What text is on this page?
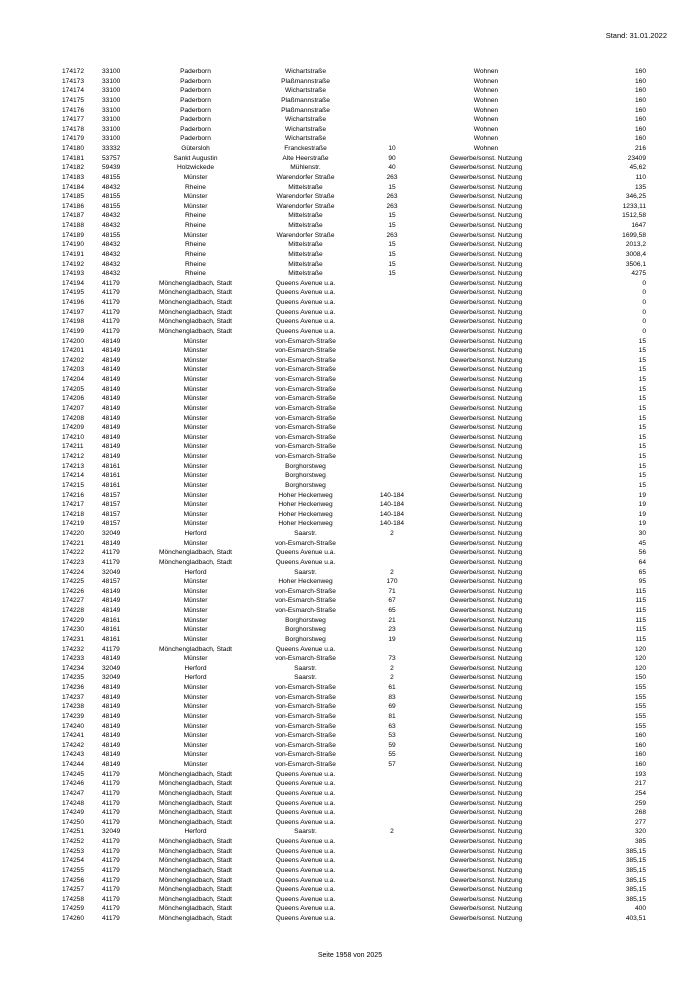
Stand: 31.01.2022
174172	33100	Paderborn	Wichartstraße		Wohnen	160
174173	33100	Paderborn	Plaßmannstraße		Wohnen	160
174174	33100	Paderborn	Wichartstraße		Wohnen	160
174175	33100	Paderborn	Plaßmannstraße		Wohnen	160
174176	33100	Paderborn	Plaßmannstraße		Wohnen	160
174177	33100	Paderborn	Wichartstraße		Wohnen	160
174178	33100	Paderborn	Wichartstraße		Wohnen	160
174179	33100	Paderborn	Wichartstraße		Wohnen	160
174180	33332	Gütersloh	Franckestraße	10	Wohnen	216
174181	53757	Sankt Augustin	Alte Heerstraße	90	Gewerbe/sonst. Nutzung	23409
174182	59439	Holzwickede	Mühlenstr.	40	Gewerbe/sonst. Nutzung	45,62
174183	48155	Münster	Warendorfer Straße	263	Gewerbe/sonst. Nutzung	110
174184	48432	Rheine	Mittelstraße	15	Gewerbe/sonst. Nutzung	135
174185	48155	Münster	Warendorfer Straße	263	Gewerbe/sonst. Nutzung	346,25
174186	48155	Münster	Warendorfer Straße	263	Gewerbe/sonst. Nutzung	1233,11
174187	48432	Rheine	Mittelstraße	15	Gewerbe/sonst. Nutzung	1512,58
174188	48432	Rheine	Mittelstraße	15	Gewerbe/sonst. Nutzung	1647
174189	48155	Münster	Warendorfer Straße	263	Gewerbe/sonst. Nutzung	1699,58
174190	48432	Rheine	Mittelstraße	15	Gewerbe/sonst. Nutzung	2013,2
174191	48432	Rheine	Mittelstraße	15	Gewerbe/sonst. Nutzung	3008,4
174192	48432	Rheine	Mittelstraße	15	Gewerbe/sonst. Nutzung	3506,1
174193	48432	Rheine	Mittelstraße	15	Gewerbe/sonst. Nutzung	4275
174194	41179	Mönchengladbach, Stadt	Queens Avenue u.a.		Gewerbe/sonst. Nutzung	0
174195	41179	Mönchengladbach, Stadt	Queens Avenue u.a.		Gewerbe/sonst. Nutzung	0
174196	41179	Mönchengladbach, Stadt	Queens Avenue u.a.		Gewerbe/sonst. Nutzung	0
174197	41179	Mönchengladbach, Stadt	Queens Avenue u.a.		Gewerbe/sonst. Nutzung	0
174198	41179	Mönchengladbach, Stadt	Queens Avenue u.a.		Gewerbe/sonst. Nutzung	0
174199	41179	Mönchengladbach, Stadt	Queens Avenue u.a.		Gewerbe/sonst. Nutzung	0
174200	48149	Münster	von-Esmarch-Straße		Gewerbe/sonst. Nutzung	15
174201	48149	Münster	von-Esmarch-Straße		Gewerbe/sonst. Nutzung	15
174202	48149	Münster	von-Esmarch-Straße		Gewerbe/sonst. Nutzung	15
174203	48149	Münster	von-Esmarch-Straße		Gewerbe/sonst. Nutzung	15
174204	48149	Münster	von-Esmarch-Straße		Gewerbe/sonst. Nutzung	15
174205	48149	Münster	von-Esmarch-Straße		Gewerbe/sonst. Nutzung	15
174206	48149	Münster	von-Esmarch-Straße		Gewerbe/sonst. Nutzung	15
174207	48149	Münster	von-Esmarch-Straße		Gewerbe/sonst. Nutzung	15
174208	48149	Münster	von-Esmarch-Straße		Gewerbe/sonst. Nutzung	15
174209	48149	Münster	von-Esmarch-Straße		Gewerbe/sonst. Nutzung	15
174210	48149	Münster	von-Esmarch-Straße		Gewerbe/sonst. Nutzung	15
174211	48149	Münster	von-Esmarch-Straße		Gewerbe/sonst. Nutzung	15
174212	48149	Münster	von-Esmarch-Straße		Gewerbe/sonst. Nutzung	15
174213	48161	Münster	Borghorstweg		Gewerbe/sonst. Nutzung	15
174214	48161	Münster	Borghorstweg		Gewerbe/sonst. Nutzung	15
174215	48161	Münster	Borghorstweg		Gewerbe/sonst. Nutzung	15
174216	48157	Münster	Hoher Heckenweg	140-184	Gewerbe/sonst. Nutzung	19
174217	48157	Münster	Hoher Heckenweg	140-184	Gewerbe/sonst. Nutzung	19
174218	48157	Münster	Hoher Heckenweg	140-184	Gewerbe/sonst. Nutzung	19
174219	48157	Münster	Hoher Heckenweg	140-184	Gewerbe/sonst. Nutzung	19
174220	32049	Herford	Saarstr.	2	Gewerbe/sonst. Nutzung	30
174221	48149	Münster	von-Esmarch-Straße		Gewerbe/sonst. Nutzung	45
174222	41179	Mönchengladbach, Stadt	Queens Avenue u.a.		Gewerbe/sonst. Nutzung	56
174223	41179	Mönchengladbach, Stadt	Queens Avenue u.a.		Gewerbe/sonst. Nutzung	64
174224	32049	Herford	Saarstr.	2	Gewerbe/sonst. Nutzung	65
174225	48157	Münster	Hoher Heckenweg	170	Gewerbe/sonst. Nutzung	95
174226	48149	Münster	von-Esmarch-Straße	71	Gewerbe/sonst. Nutzung	115
174227	48149	Münster	von-Esmarch-Straße	67	Gewerbe/sonst. Nutzung	115
174228	48149	Münster	von-Esmarch-Straße	65	Gewerbe/sonst. Nutzung	115
174229	48161	Münster	Borghorstweg	21	Gewerbe/sonst. Nutzung	115
174230	48161	Münster	Borghorstweg	23	Gewerbe/sonst. Nutzung	115
174231	48161	Münster	Borghorstweg	19	Gewerbe/sonst. Nutzung	115
174232	41179	Mönchengladbach, Stadt	Queens Avenue u.a.		Gewerbe/sonst. Nutzung	120
174233	48149	Münster	von-Esmarch-Straße	73	Gewerbe/sonst. Nutzung	120
174234	32049	Herford	Saarstr.	2	Gewerbe/sonst. Nutzung	120
174235	32049	Herford	Saarstr.	2	Gewerbe/sonst. Nutzung	150
174236	48149	Münster	von-Esmarch-Straße	61	Gewerbe/sonst. Nutzung	155
174237	48149	Münster	von-Esmarch-Straße	83	Gewerbe/sonst. Nutzung	155
174238	48149	Münster	von-Esmarch-Straße	69	Gewerbe/sonst. Nutzung	155
174239	48149	Münster	von-Esmarch-Straße	81	Gewerbe/sonst. Nutzung	155
174240	48149	Münster	von-Esmarch-Straße	63	Gewerbe/sonst. Nutzung	155
174241	48149	Münster	von-Esmarch-Straße	53	Gewerbe/sonst. Nutzung	160
174242	48149	Münster	von-Esmarch-Straße	59	Gewerbe/sonst. Nutzung	160
174243	48149	Münster	von-Esmarch-Straße	55	Gewerbe/sonst. Nutzung	160
174244	48149	Münster	von-Esmarch-Straße	57	Gewerbe/sonst. Nutzung	160
174245	41179	Mönchengladbach, Stadt	Queens Avenue u.a.		Gewerbe/sonst. Nutzung	193
174246	41179	Mönchengladbach, Stadt	Queens Avenue u.a.		Gewerbe/sonst. Nutzung	217
174247	41179	Mönchengladbach, Stadt	Queens Avenue u.a.		Gewerbe/sonst. Nutzung	254
174248	41179	Mönchengladbach, Stadt	Queens Avenue u.a.		Gewerbe/sonst. Nutzung	259
174249	41179	Mönchengladbach, Stadt	Queens Avenue u.a.		Gewerbe/sonst. Nutzung	268
174250	41179	Mönchengladbach, Stadt	Queens Avenue u.a.		Gewerbe/sonst. Nutzung	277
174251	32049	Herford	Saarstr.	2	Gewerbe/sonst. Nutzung	320
174252	41179	Mönchengladbach, Stadt	Queens Avenue u.a.		Gewerbe/sonst. Nutzung	385
174253	41179	Mönchengladbach, Stadt	Queens Avenue u.a.		Gewerbe/sonst. Nutzung	385,15
174254	41179	Mönchengladbach, Stadt	Queens Avenue u.a.		Gewerbe/sonst. Nutzung	385,15
174255	41179	Mönchengladbach, Stadt	Queens Avenue u.a.		Gewerbe/sonst. Nutzung	385,15
174256	41179	Mönchengladbach, Stadt	Queens Avenue u.a.		Gewerbe/sonst. Nutzung	385,15
174257	41179	Mönchengladbach, Stadt	Queens Avenue u.a.		Gewerbe/sonst. Nutzung	385,15
174258	41179	Mönchengladbach, Stadt	Queens Avenue u.a.		Gewerbe/sonst. Nutzung	385,15
174259	41179	Mönchengladbach, Stadt	Queens Avenue u.a.		Gewerbe/sonst. Nutzung	400
174260	41179	Mönchengladbach, Stadt	Queens Avenue u.a.		Gewerbe/sonst. Nutzung	403,51
Seite 1958 von 2025
